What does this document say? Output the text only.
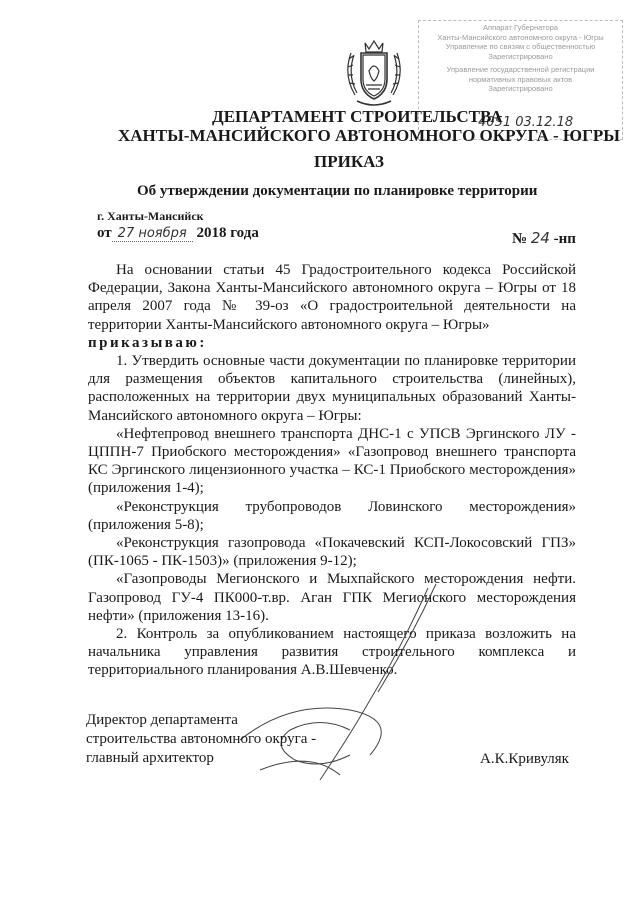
Аппарат Губернатора
Ханты-Мансийского автономного округа - Югры
Управление по связям с общественностью
Зарегистрировано
Управление государственной регистрации
нормативных правовых актов
Зарегистрировано
4051 03.12.18
ДЕПАРТАМЕНТ СТРОИТЕЛЬСТВА
ХАНТЫ-МАНСИЙСКОГО АВТОНОМНОГО ОКРУГА - ЮГРЫ
ПРИКАЗ
Об утверждении документации по планировке территории
г. Ханты-Мансийск
от 27 ноября 2018 года	№ 24 -нп

На основании статьи 45 Градостроительного кодекса Российской Федерации, Закона Ханты-Мансийского автономного округа – Югры от 18 апреля 2007 года № 39-оз «О градостроительной деятельности на территории Ханты-Мансийского автономного округа – Югры»

приказываю:

1. Утвердить основные части документации по планировке территории для размещения объектов капитального строительства (линейных), расположенных на территории двух муниципальных образований Ханты-Мансийского автономного округа – Югры:

«Нефтепровод внешнего транспорта ДНС-1 с УПСВ Эргинского ЛУ - ЦППН-7 Приобского месторождения» «Газопровод внешнего транспорта КС Эргинского лицензионного участка – КС-1 Приобского месторождения» (приложения 1-4);

«Реконструкция трубопроводов Ловинского месторождения» (приложения 5-8);

«Реконструкция газопровода «Покачевский КСП-Локосовский ГПЗ» (ПК-1065 - ПК-1503)» (приложения 9-12);

«Газопроводы Мегионского и Мыхпайского месторождения нефти. Газопровод ГУ-4 ПК000-т.вр. Аган ГПК Мегионского месторождения нефти» (приложения 13-16).

2. Контроль за опубликованием настоящего приказа возложить на начальника управления развития строительного комплекса и территориального планирования А.В.Шевченко.

Директор департамента
строительства автономного округа -
главный архитектор	А.К.Кривуляк
